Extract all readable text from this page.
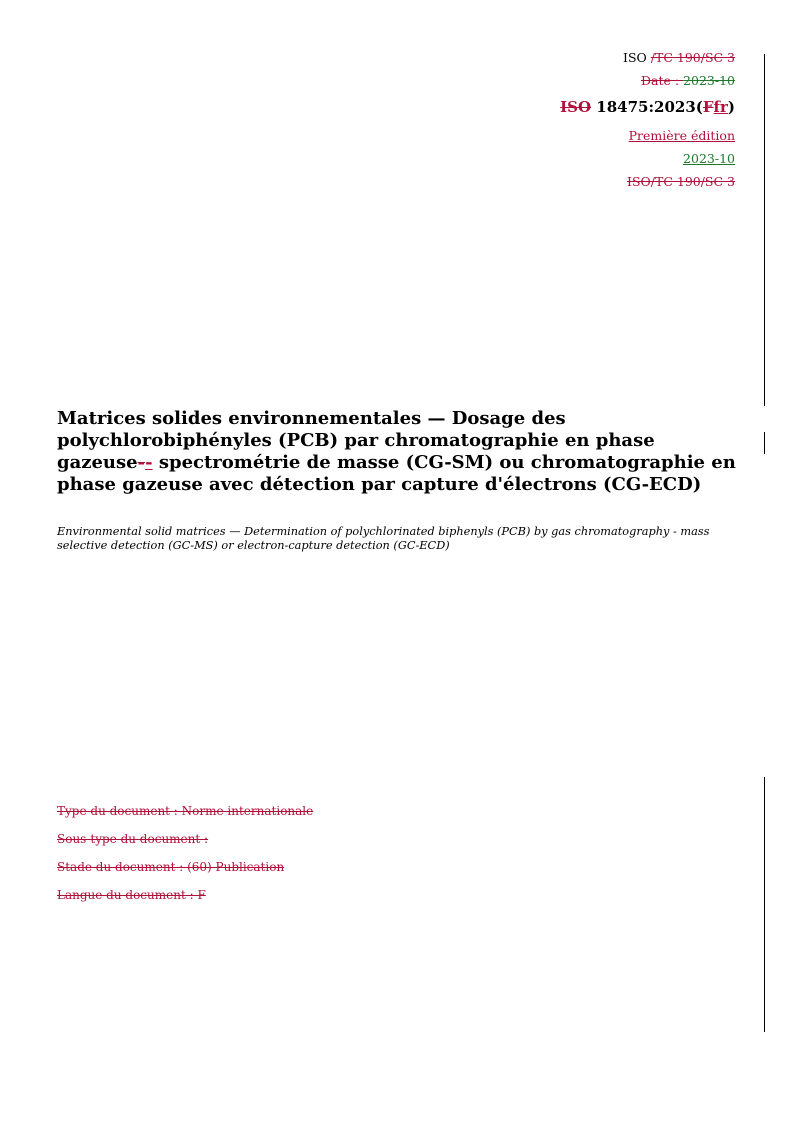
ISO /TC 190/SC 3
Date : 2023-10
ISO 18475:2023(Ffr)
Première édition
2023-10
ISO/TC 190/SC 3
Matrices solides environnementales — Dosage des polychlorobiphényles (PCB) par chromatographie en phase gazeuse-- spectrométrie de masse (CG-SM) ou chromatographie en phase gazeuse avec détection par capture d'électrons (CG-ECD)

Environmental solid matrices — Determination of polychlorinated biphenyls (PCB) by gas chromatography - mass selective detection (GC-MS) or electron-capture detection (GC-ECD)

Type du document : Norme internationale
Sous-type du document :
Stade du document : (60) Publication
Langue du document : F
